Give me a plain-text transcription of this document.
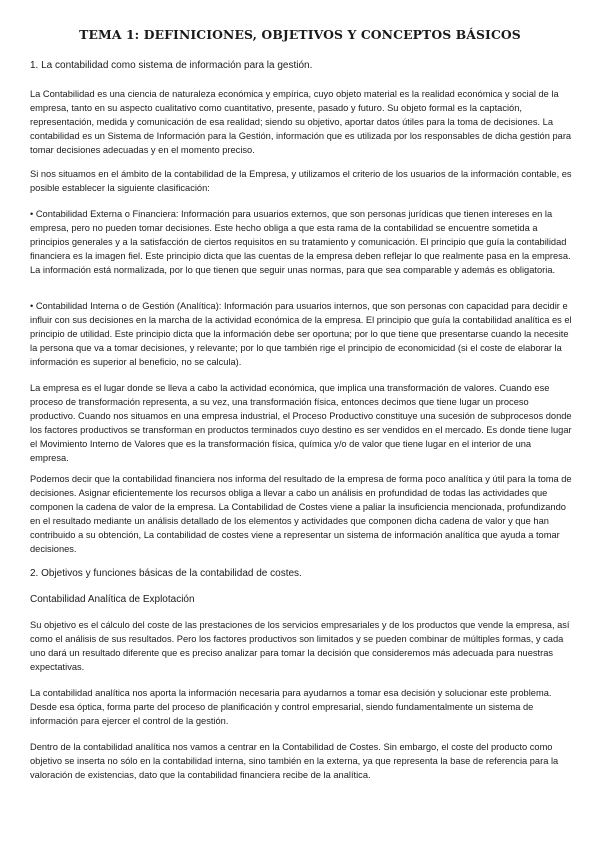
TEMA 1: DEFINICIONES, OBJETIVOS Y CONCEPTOS BÁSICOS

1. La contabilidad como sistema de información para la gestión.

La Contabilidad es una ciencia de naturaleza económica y empírica, cuyo objeto material es la realidad económica y social de la empresa, tanto en su aspecto cualitativo como cuantitativo, presente, pasado y futuro. Su objeto formal es la captación, representación, medida y comunicación de esa realidad; siendo su objetivo, aportar datos útiles para la toma de decisiones. La contabilidad es un Sistema de Información para la Gestión, información que es utilizada por los responsables de dicha gestión para tomar decisiones adecuadas y en el momento preciso.

Si nos situamos en el ámbito de la contabilidad de la Empresa, y utilizamos el criterio de los usuarios de la información contable, es posible establecer la siguiente clasificación:

• Contabilidad Externa o Financiera: Información para usuarios externos, que son personas jurídicas que tienen intereses en la empresa, pero no pueden tomar decisiones. Este hecho obliga a que esta rama de la contabilidad se encuentre sometida a principios generales y a la satisfacción de ciertos requisitos en su tratamiento y comunicación. El principio que guía la contabilidad financiera es la imagen fiel. Este principio dicta que las cuentas de la empresa deben reflejar lo que realmente pasa en la empresa. La información está normalizada, por lo que tienen que seguir unas normas, para que sea comparable y además es obligatoria.

• Contabilidad Interna o de Gestión (Analítica): Información para usuarios internos, que son personas con capacidad para decidir e influir con sus decisiones en la marcha de la actividad económica de la empresa. El principio que guía la contabilidad analítica es el principio de utilidad. Este principio dicta que la información debe ser oportuna; por lo que tiene que presentarse cuando la necesite la persona que va a tomar decisiones, y relevante; por lo que también rige el principio de economicidad (si el coste de elaborar la información es superior al beneficio, no se calcula).

La empresa es el lugar donde se lleva a cabo la actividad económica, que implica una transformación de valores. Cuando ese proceso de transformación representa, a su vez, una transformación física, entonces decimos que tiene lugar un proceso productivo. Cuando nos situamos en una empresa industrial, el Proceso Productivo constituye una sucesión de subprocesos donde los factores productivos se transforman en productos terminados cuyo destino es ser vendidos en el mercado. Es donde tiene lugar el Movimiento Interno de Valores que es la transformación física, química y/o de valor que tiene lugar en el interior de una empresa.

Podemos decir que la contabilidad financiera nos informa del resultado de la empresa de forma poco analítica y útil para la toma de decisiones. Asignar eficientemente los recursos obliga a llevar a cabo un análisis en profundidad de todas las actividades que componen la cadena de valor de la empresa. La Contabilidad de Costes viene a paliar la insuficiencia mencionada, profundizando en el resultado mediante un análisis detallado de los elementos y actividades que componen dicha cadena de valor y que han contribuido a su obtención, La contabilidad de costes viene a representar un sistema de información analítica que ayuda a tomar decisiones.

2. Objetivos y funciones básicas de la contabilidad de costes.

Contabilidad Analítica de Explotación

Su objetivo es el cálculo del coste de las prestaciones de los servicios empresariales y de los productos que vende la empresa, así como el análisis de sus resultados. Pero los factores productivos son limitados y se pueden combinar de múltiples formas, y cada uno dará un resultado diferente que es preciso analizar para tomar la decisión que consideremos más adecuada para nuestras expectativas.

La contabilidad analítica nos aporta la información necesaria para ayudarnos a tomar esa decisión y solucionar este problema. Desde esa óptica, forma parte del proceso de planificación y control empresarial, siendo fundamentalmente un sistema de información para ejercer el control de la gestión.

Dentro de la contabilidad analítica nos vamos a centrar en la Contabilidad de Costes. Sin embargo, el coste del producto como objetivo se inserta no sólo en la contabilidad interna, sino también en la externa, ya que representa la base de referencia para la valoración de existencias, dato que la contabilidad financiera recibe de la analítica.
